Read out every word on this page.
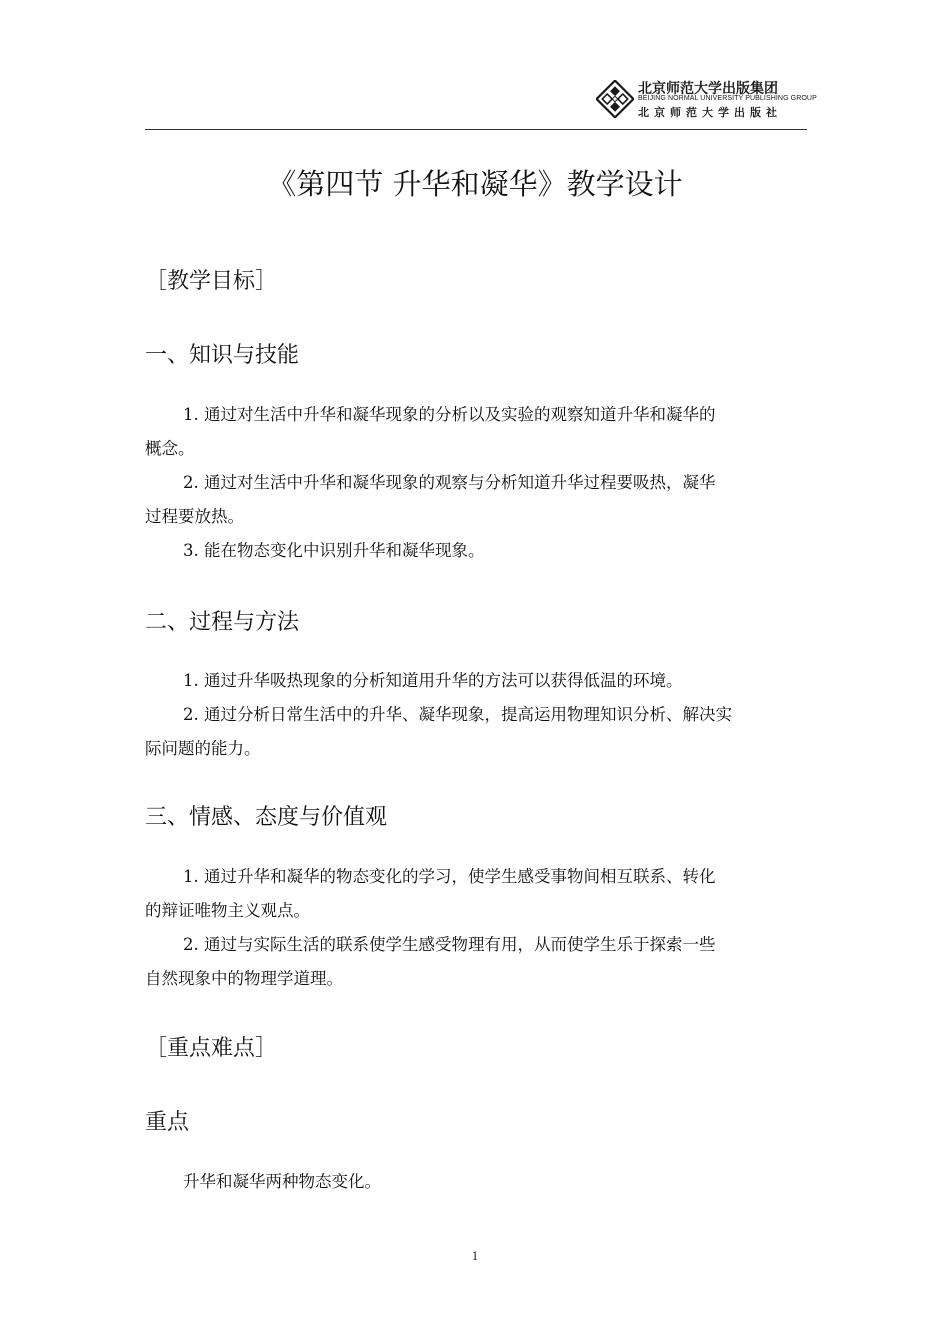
北京师范大学出版集团
BEIJING NORMAL UNIVERSITY PUBLISHING GROUP
北京师范大学出版社
《第四节 升华和凝华》教学设计
［教学目标］
一、知识与技能
1. 通过对生活中升华和凝华现象的分析以及实验的观察知道升华和凝华的
概念。
2. 通过对生活中升华和凝华现象的观察与分析知道升华过程要吸热，凝华
过程要放热。
3. 能在物态变化中识别升华和凝华现象。
二、过程与方法
1. 通过升华吸热现象的分析知道用升华的方法可以获得低温的环境。
2. 通过分析日常生活中的升华、凝华现象，提高运用物理知识分析、解决实
际问题的能力。
三、情感、态度与价值观
1. 通过升华和凝华的物态变化的学习，使学生感受事物间相互联系、转化
的辩证唯物主义观点。
2. 通过与实际生活的联系使学生感受物理有用，从而使学生乐于探索一些
自然现象中的物理学道理。
［重点难点］
重点
升华和凝华两种物态变化。
1
